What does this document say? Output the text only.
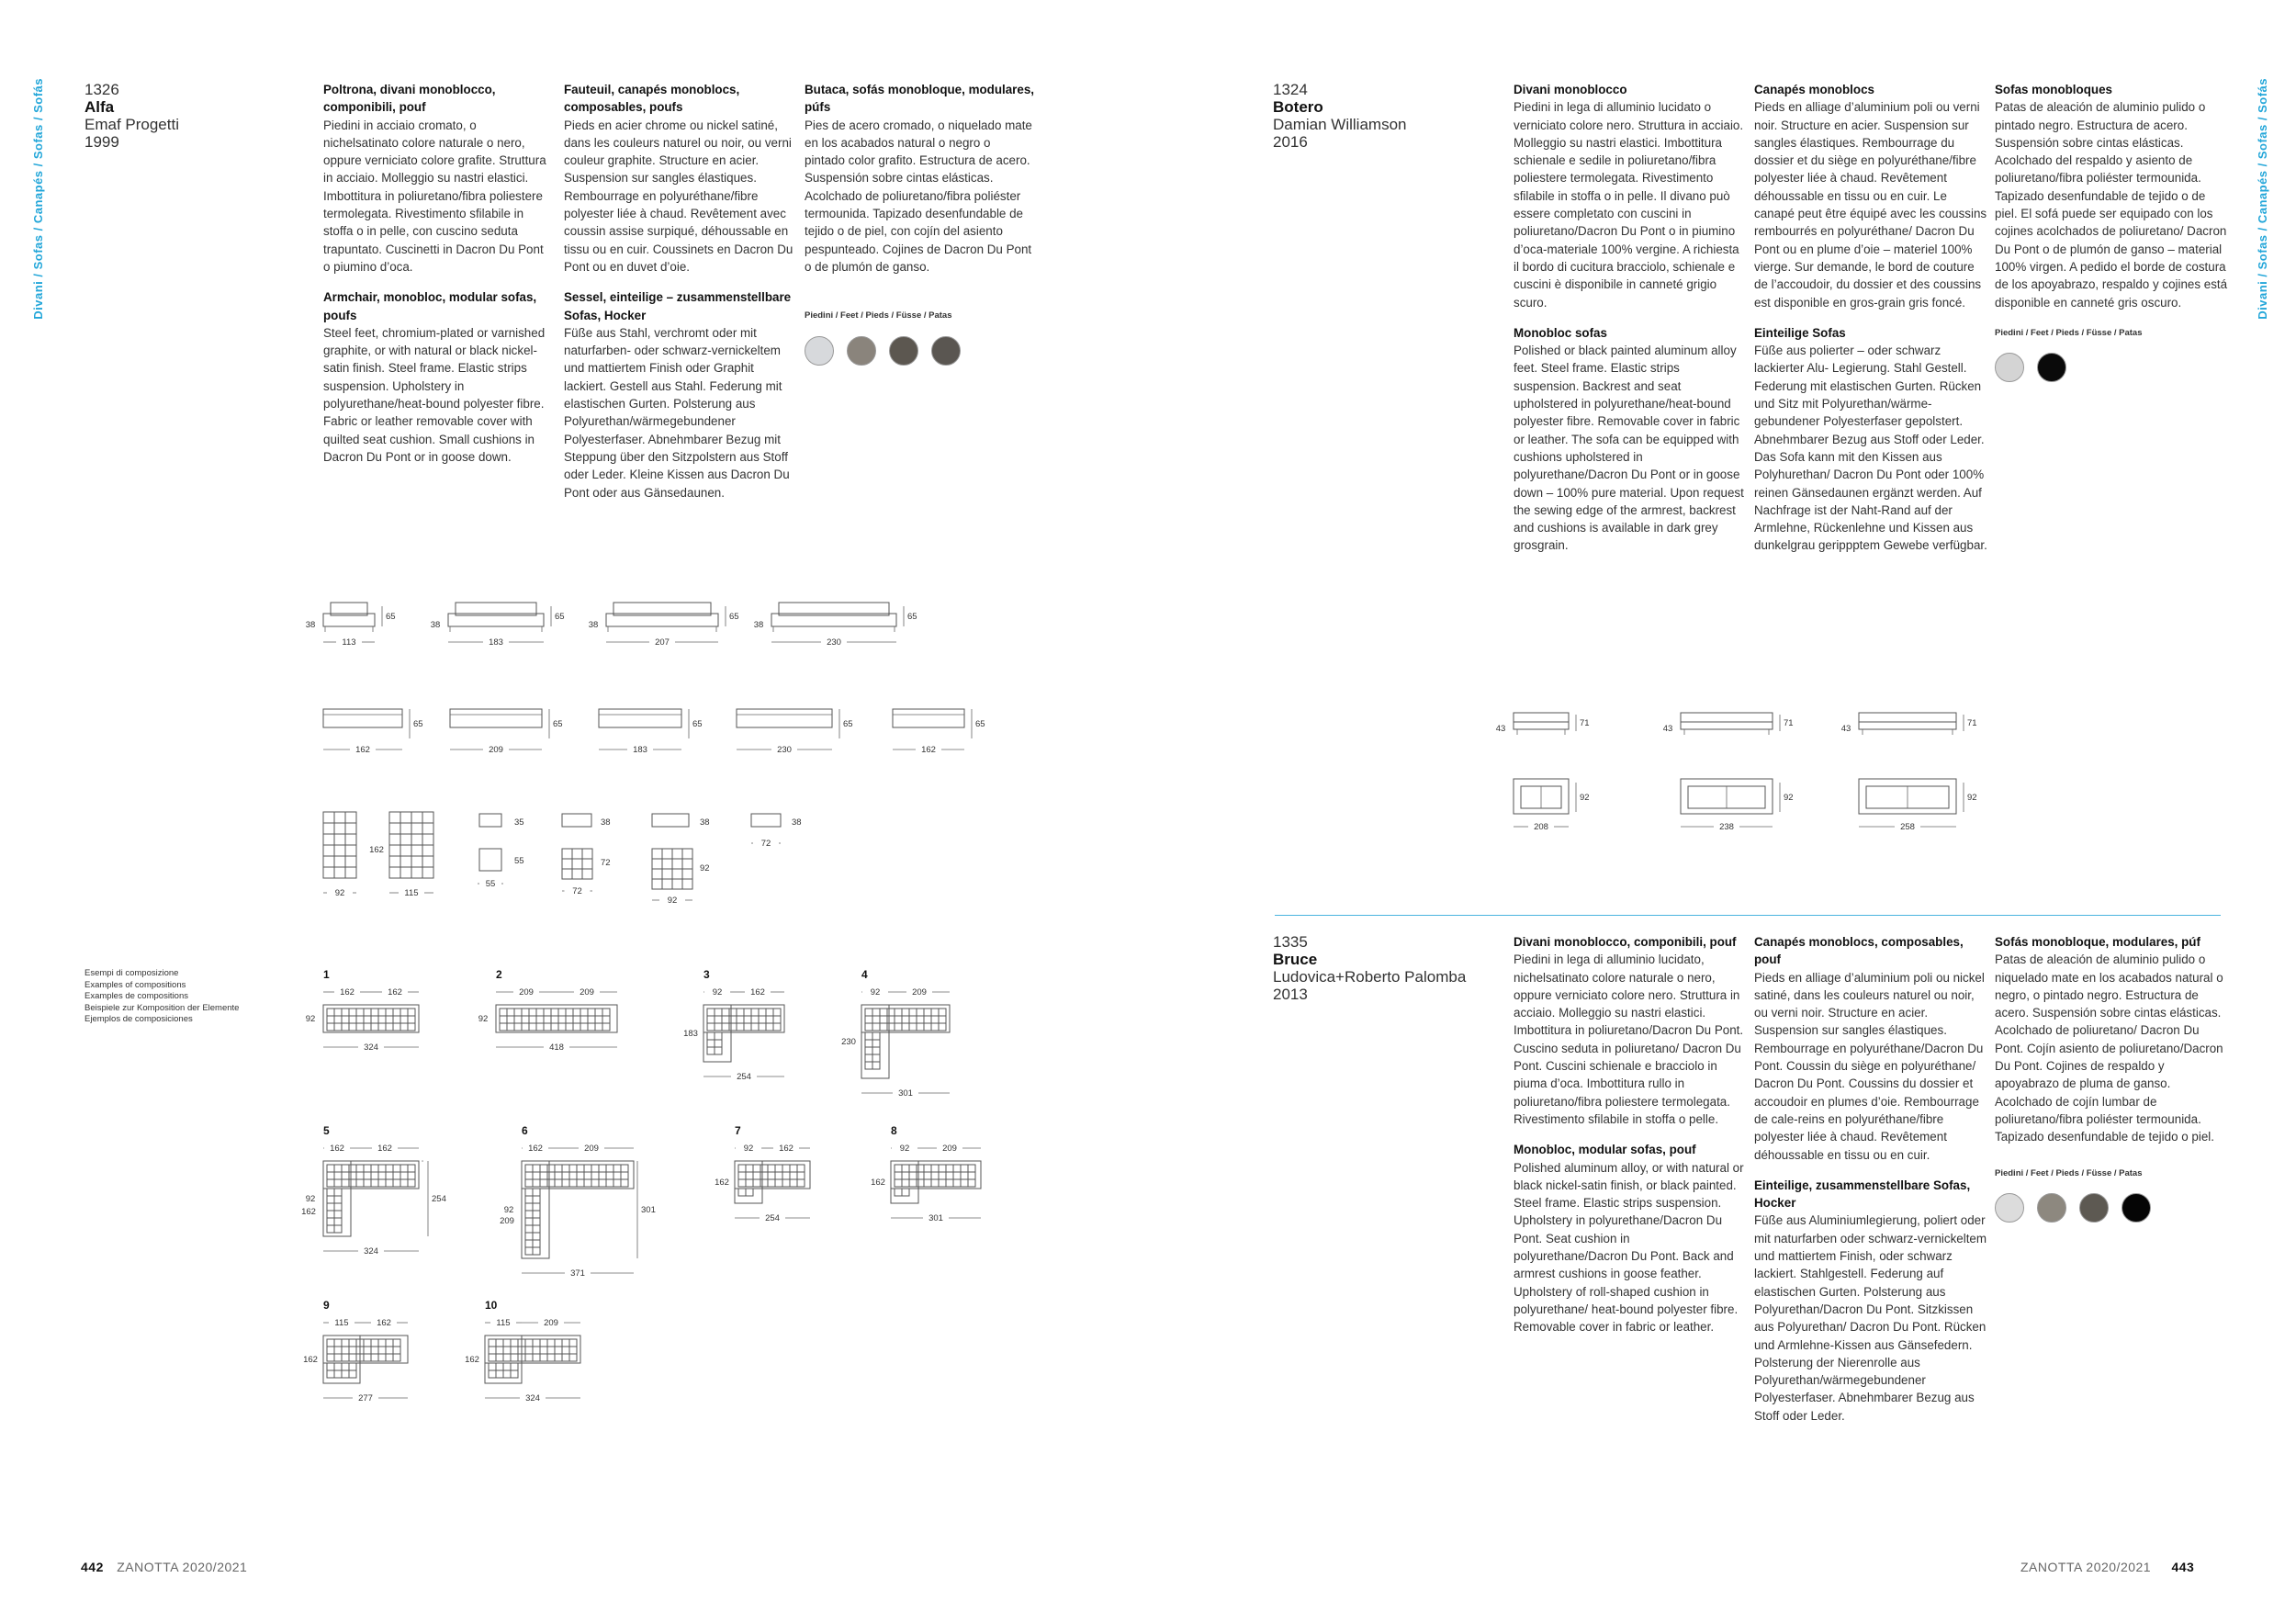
Divani / Sofas / Canapés / Sofas / Sofás	Divani / Sofas / Canapés / Sofas / Sofás
1326
Alfa
Emaf Progetti
1999
Poltrona, divani monoblocco, componibili, pouf

Piedini in acciaio cromato, o nichelsatinato colore naturale o nero, oppure verniciato colore grafite. Struttura in acciaio. Molleggio su nastri elastici. Imbottitura in poliuretano/fibra poliestere termolegata. Rivestimento sfilabile in stoffa o in pelle, con cuscino seduta trapuntato. Cuscinetti in Dacron Du Pont o piumino d’oca.

Armchair, monobloc, modular sofas, poufs

Steel feet, chromium-plated or varnished graphite, or with natural or black nickel-satin finish. Steel frame. Elastic strips suspension. Upholstery in polyurethane/heat-bound polyester fibre. Fabric or leather removable cover with quilted seat cushion. Small cushions in Dacron Du Pont or in goose down.

Fauteuil, canapés monoblocs, composables, poufs

Pieds en acier chrome ou nickel satiné, dans les couleurs naturel ou noir, ou verni couleur graphite. Structure en acier. Suspension sur sangles élastiques. Rembourrage en polyuréthane/fibre polyester liée à chaud. Revêtement avec coussin assise surpiqué, déhoussable en tissu ou en cuir. Coussinets en Dacron Du Pont ou en duvet d’oie.

Sessel, einteilige – zusammenstellbare Sofas, Hocker

Füße aus Stahl, verchromt oder mit naturfarben- oder schwarz-vernickeltem und mattiertem Finish oder Graphit lackiert. Gestell aus Stahl. Federung mit elastischen Gurten. Polsterung aus Polyurethan/wärmegebundener Polyesterfaser. Abnehmbarer Bezug mit Steppung über den Sitzpolstern aus Stoff oder Leder. Kleine Kissen aus Dacron Du Pont oder aus Gänsedaunen.

Butaca, sofás monobloque, modulares, púfs

Pies de acero cromado, o niquelado mate en los acabados natural o negro o pintado color grafito. Estructura de acero. Suspensión sobre cintas elásticas. Acolchado de poliuretano/fibra poliéster termounida. Tapizado desenfundable de tejido o de piel, con cojín del asiento pespunteado. Cojines de Dacron Du Pont o de plumón de ganso.

Piedini / Feet / Pieds / Füsse / Patas
1324
Botero
Damian Williamson
2016
Divani monoblocco

Piedini in lega di alluminio lucidato o verniciato colore nero. Struttura in acciaio. Molleggio su nastri elastici. Imbottitura schienale e sedile in poliuretano/fibra poliestere termolegata. Rivestimento sfilabile in stoffa o in pelle. Il divano può essere completato con cuscini in poliuretano/Dacron Du Pont o in piumino d’oca-materiale 100% vergine. A richiesta il bordo di cucitura bracciolo, schienale e cuscini è disponibile in canneté grigio scuro.

Monobloc sofas

Polished or black painted aluminum alloy feet. Steel frame. Elastic strips suspension. Backrest and seat upholstered in polyurethane/heat-bound polyester fibre. Removable cover in fabric or leather. The sofa can be equipped with cushions upholstered in polyurethane/Dacron Du Pont or in goose down – 100% pure material. Upon request the sewing edge of the armrest, backrest and cushions is available in dark grey grosgrain.

Canapés monoblocs

Pieds en alliage d’aluminium poli ou verni noir. Structure en acier. Suspension sur sangles élastiques. Rembourrage du dossier et du siège en polyuréthane/fibre polyester liée à chaud. Revêtement déhoussable en tissu ou en cuir. Le canapé peut être équipé avec les coussins rembourrés en polyuréthane/ Dacron Du Pont ou en plume d’oie – materiel 100% vierge. Sur demande, le bord de couture de l’accoudoir, du dossier et des coussins est disponible en gros-grain gris foncé.

Einteilige Sofas

Füße aus polierter – oder schwarz lackierter Alu- Legierung. Stahl Gestell. Federung mit elastischen Gurten. Rücken und Sitz mit Polyurethan/wärme-gebundener Polyesterfaser gepolstert. Abnehmbarer Bezug aus Stoff oder Leder. Das Sofa kann mit den Kissen aus Polyhurethan/ Dacron Du Pont oder 100% reinen Gänsedaunen ergänzt werden. Auf Nachfrage ist der Naht-Rand auf der Armlehne, Rückenlehne und Kissen aus dunkelgrau gerippptem Gewebe verfügbar.

Sofas monobloques

Patas de aleación de aluminio pulido o pintado negro. Estructura de acero. Suspensión sobre cintas elásticas. Acolchado del respaldo y asiento de poliuretano/fibra poliéster termounida. Tapizado desenfundable de tejido o de piel. El sofá puede ser equipado con los cojines acolchados de poliuretano/ Dacron Du Pont o de plumón de ganso – material 100% virgen. A pedido el borde de costura de los apoyabrazo, respaldo y cojines está disponible en canneté gris oscuro.

Piedini / Feet / Pieds / Füsse / Patas
1335
Bruce
Ludovica+Roberto Palomba
2013
Divani monoblocco, componibili, pouf

Piedini in lega di alluminio lucidato, nichelsatinato colore naturale o nero, oppure verniciato colore nero. Struttura in acciaio. Molleggio su nastri elastici. Imbottitura in poliuretano/Dacron Du Pont. Cuscino seduta in poliuretano/ Dacron Du Pont. Cuscini schienale e bracciolo in piuma d’oca. Imbottitura rullo in poliuretano/fibra poliestere termolegata. Rivestimento sfilabile in stoffa o pelle.

Monobloc, modular sofas, pouf

Polished aluminum alloy, or with natural or black nickel-satin finish, or black painted. Steel frame. Elastic strips suspension. Upholstery in polyurethane/Dacron Du Pont. Seat cushion in polyurethane/Dacron Du Pont. Back and armrest cushions in goose feather. Upholstery of roll-shaped cushion in polyurethane/ heat-bound polyester fibre. Removable cover in fabric or leather.

Canapés monoblocs, composables, pouf

Pieds en alliage d’aluminium poli ou nickel satiné, dans les couleurs naturel ou noir, ou verni noir. Structure en acier. Suspension sur sangles élastiques. Rembourrage en polyuréthane/Dacron Du Pont. Coussin du siège en polyuréthane/ Dacron Du Pont. Coussins du dossier et accoudoir en plumes d’oie. Rembourrage de cale-reins en polyuréthane/fibre polyester liée à chaud. Revêtement déhoussable en tissu ou en cuir.

Einteilige, zusammenstellbare Sofas, Hocker

Füße aus Aluminiumlegierung, poliert oder mit naturfarben oder schwarz-vernickeltem und mattiertem Finish, oder schwarz lackiert. Stahlgestell. Federung auf elastischen Gurten. Polsterung aus Polyurethan/Dacron Du Pont. Sitzkissen aus Polyurethan/ Dacron Du Pont. Rücken und Armlehne-Kissen aus Gänsefedern. Polsterung der Nierenrolle aus Polyurethan/wärmegebundener Polyesterfaser. Abnehmbarer Bezug aus Stoff oder Leder.

Sofás monobloque, modulares, púf

Patas de aleación de aluminio pulido o niquelado mate en los acabados natural o negro, o pintado negro. Estructura de acero. Suspensión sobre cintas elásticas. Acolchado de poliuretano/ Dacron Du Pont. Cojín asiento de poliuretano/Dacron Du Pont. Cojines de respaldo y apoyabrazo de pluma de ganso. Acolchado de cojín lumbar de poliuretano/fibra poliéster termounida. Tapizado desenfundable de tejido o piel.

Piedini / Feet / Pieds / Füsse / Patas
Esempi di composizione
Examples of compositions
Examples de compositions
Beispiele zur Komposition der Elemente
Ejemplos de composiciones
1	2	3	4
5	6	7	8
9	10
65
38
113
65
38
183
65
38
207
65
38
230
65
162
65
209
65
183
65
230
65
162
92
162
115
35
55
55
38
72
72
38
92
92
38
72
162	162
92
324
209	209
92
418
92	162
183
254
92	209
230
301
162	162
92
324
254
162
162	209
92
371
301
209
92	162
162
254
92	209
162
301
115	162
162
277
115	209
162
324
71
43
92
208
71
43
92
238
71
43
92
258
442 ZANOTTA 2020/2021	ZANOTTA 2020/2021 443
